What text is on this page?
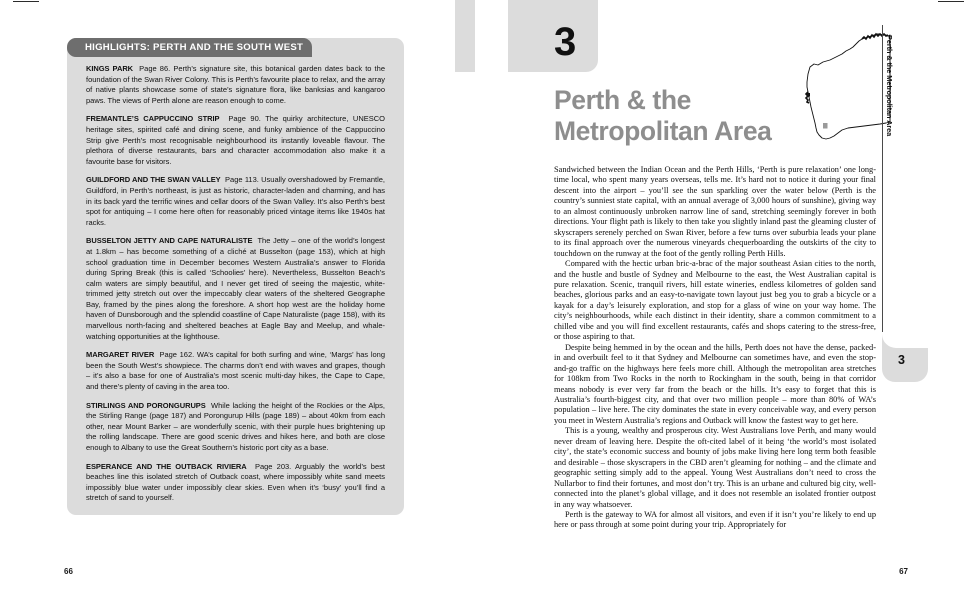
HIGHLIGHTS: PERTH AND THE SOUTH WEST

KINGS PARK Page 86. Perth’s signature site, this botanical garden dates back to the foundation of the Swan River Colony. This is Perth’s favourite place to relax, and the array of native plants showcase some of state’s signature flora, like banksias and kangaroo paws. The views of Perth alone are reason enough to come.

FREMANTLE’S CAPPUCCINO STRIP Page 90. The quirky architecture, UNESCO heritage sites, spirited café and dining scene, and funky ambience of the Cappuccino Strip give Perth’s most recognisable neighbourhood its instantly loveable flavour. The plethora of diverse restaurants, bars and character accommodation also make it a favourite base for visitors.

GUILDFORD AND THE SWAN VALLEY Page 113. Usually overshadowed by Fremantle, Guildford, in Perth’s northeast, is just as historic, character-laden and charming, and has in its back yard the terrific wines and cellar doors of the Swan Valley. It’s also Perth’s best spot for antiquing – I come here often for reasonably priced vintage items like 1940s hat racks.

BUSSELTON JETTY AND CAPE NATURALISTE The Jetty – one of the world’s longest at 1.8km – has become something of a cliché at Busselton (page 153), which at high school graduation time in December becomes Western Australia’s answer to Florida during Spring Break (this is called ‘Schoolies’ here). Nevertheless, Busselton Beach’s calm waters are simply beautiful, and I never get tired of seeing the majestic, white-trimmed jetty stretch out over the impeccably clear waters of the sheltered Geographe Bay, framed by the pines along the foreshore. A short hop west are the holiday home haven of Dunsborough and the splendid coastline of Cape Naturaliste (page 158), with its marvellous north-facing and sheltered beaches at Eagle Bay and Meelup, and whale-watching opportunities at the lighthouse.

MARGARET RIVER Page 162. WA’s capital for both surfing and wine, ‘Margs’ has long been the South West’s showpiece. The charms don’t end with waves and grapes, though – it’s also a base for one of Australia’s most scenic multi-day hikes, the Cape to Cape, and there’s plenty of caving in the area too.

STIRLINGS AND PORONGURUPS While lacking the height of the Rockies or the Alps, the Stirling Range (page 187) and Porongurup Hills (page 189) – about 40km from each other, near Mount Barker – are wonderfully scenic, with their purple hues brightening up the rolling landscape. There are good scenic drives and hikes here, and both are close enough to Albany to use the Great Southern’s historic port city as a base.

ESPERANCE AND THE OUTBACK RIVIERA Page 203. Arguably the world’s best beaches line this isolated stretch of Outback coast, where impossibly white sand meets impossibly blue water under impossibly clear skies. Even when it’s ‘busy’ you’ll find a stretch of sand to yourself.

66
3
Perth & the
Metropolitan Area

Sandwiched between the Indian Ocean and the Perth Hills, ‘Perth is pure relaxation’ one long-time local, who spent many years overseas, tells me. It’s hard not to notice it during your final descent into the airport – you’ll see the sun sparkling over the water below (Perth is the country’s sunniest state capital, with an annual average of 3,000 hours of sunshine), giving way to an almost continuously unbroken narrow line of sand, stretching seemingly forever in both directions. Your flight path is likely to then take you slightly inland past the gleaming cluster of skyscrapers serenely perched on Swan River, before a few turns over suburbia leads your plane to its final approach over the numerous vineyards chequerboarding the outskirts of the city to touchdown on the runway at the foot of the gently rolling Perth Hills.

Compared with the hectic urban bric-a-brac of the major southeast Asian cities to the north, and the hustle and bustle of Sydney and Melbourne to the east, the West Australian capital is pure relaxation. Scenic, tranquil rivers, hill estate wineries, endless kilometres of golden sand beaches, glorious parks and an easy-to-navigate town layout just beg you to grab a bicycle or a kayak for a day’s leisurely exploration, and stop for a glass of wine on your way home. The city’s neighbourhoods, while each distinct in their identity, share a common commitment to a chilled vibe and you will find excellent restaurants, cafés and shops catering to the stress-free, or those aspiring to that.

Despite being hemmed in by the ocean and the hills, Perth does not have the dense, packed-in and overbuilt feel to it that Sydney and Melbourne can sometimes have, and even the stop-and-go traffic on the highways here feels more chill. Although the metropolitan area stretches for 108km from Two Rocks in the north to Rockingham in the south, being in that corridor means nobody is ever very far from the beach or the hills. It’s easy to forget that this is Australia’s fourth-biggest city, and that over two million people – more than 80% of WA’s population – live here. The city dominates the state in every conceivable way, and every person you meet in Western Australia’s regions and Outback will know the fastest way to get here.

This is a young, wealthy and prosperous city. West Australians love Perth, and many would never dream of leaving here. Despite the oft-cited label of it being ‘the world’s most isolated city’, the state’s economic success and bounty of jobs make living here long term both feasible and desirable – those skyscrapers in the CBD aren’t gleaming for nothing – and the climate and geographic setting simply add to the appeal. Young West Australians don’t need to cross the Nullarbor to find their fortunes, and most don’t try. This is an urbane and cultured big city, well-connected into the planet’s global village, and it does not resemble an isolated frontier outpost in any way whatsoever.

Perth is the gateway to WA for almost all visitors, and even if it isn’t you’re likely to end up here or pass through at some point during your trip. Appropriately for

Perth & the Metropolitan Area
3
67
